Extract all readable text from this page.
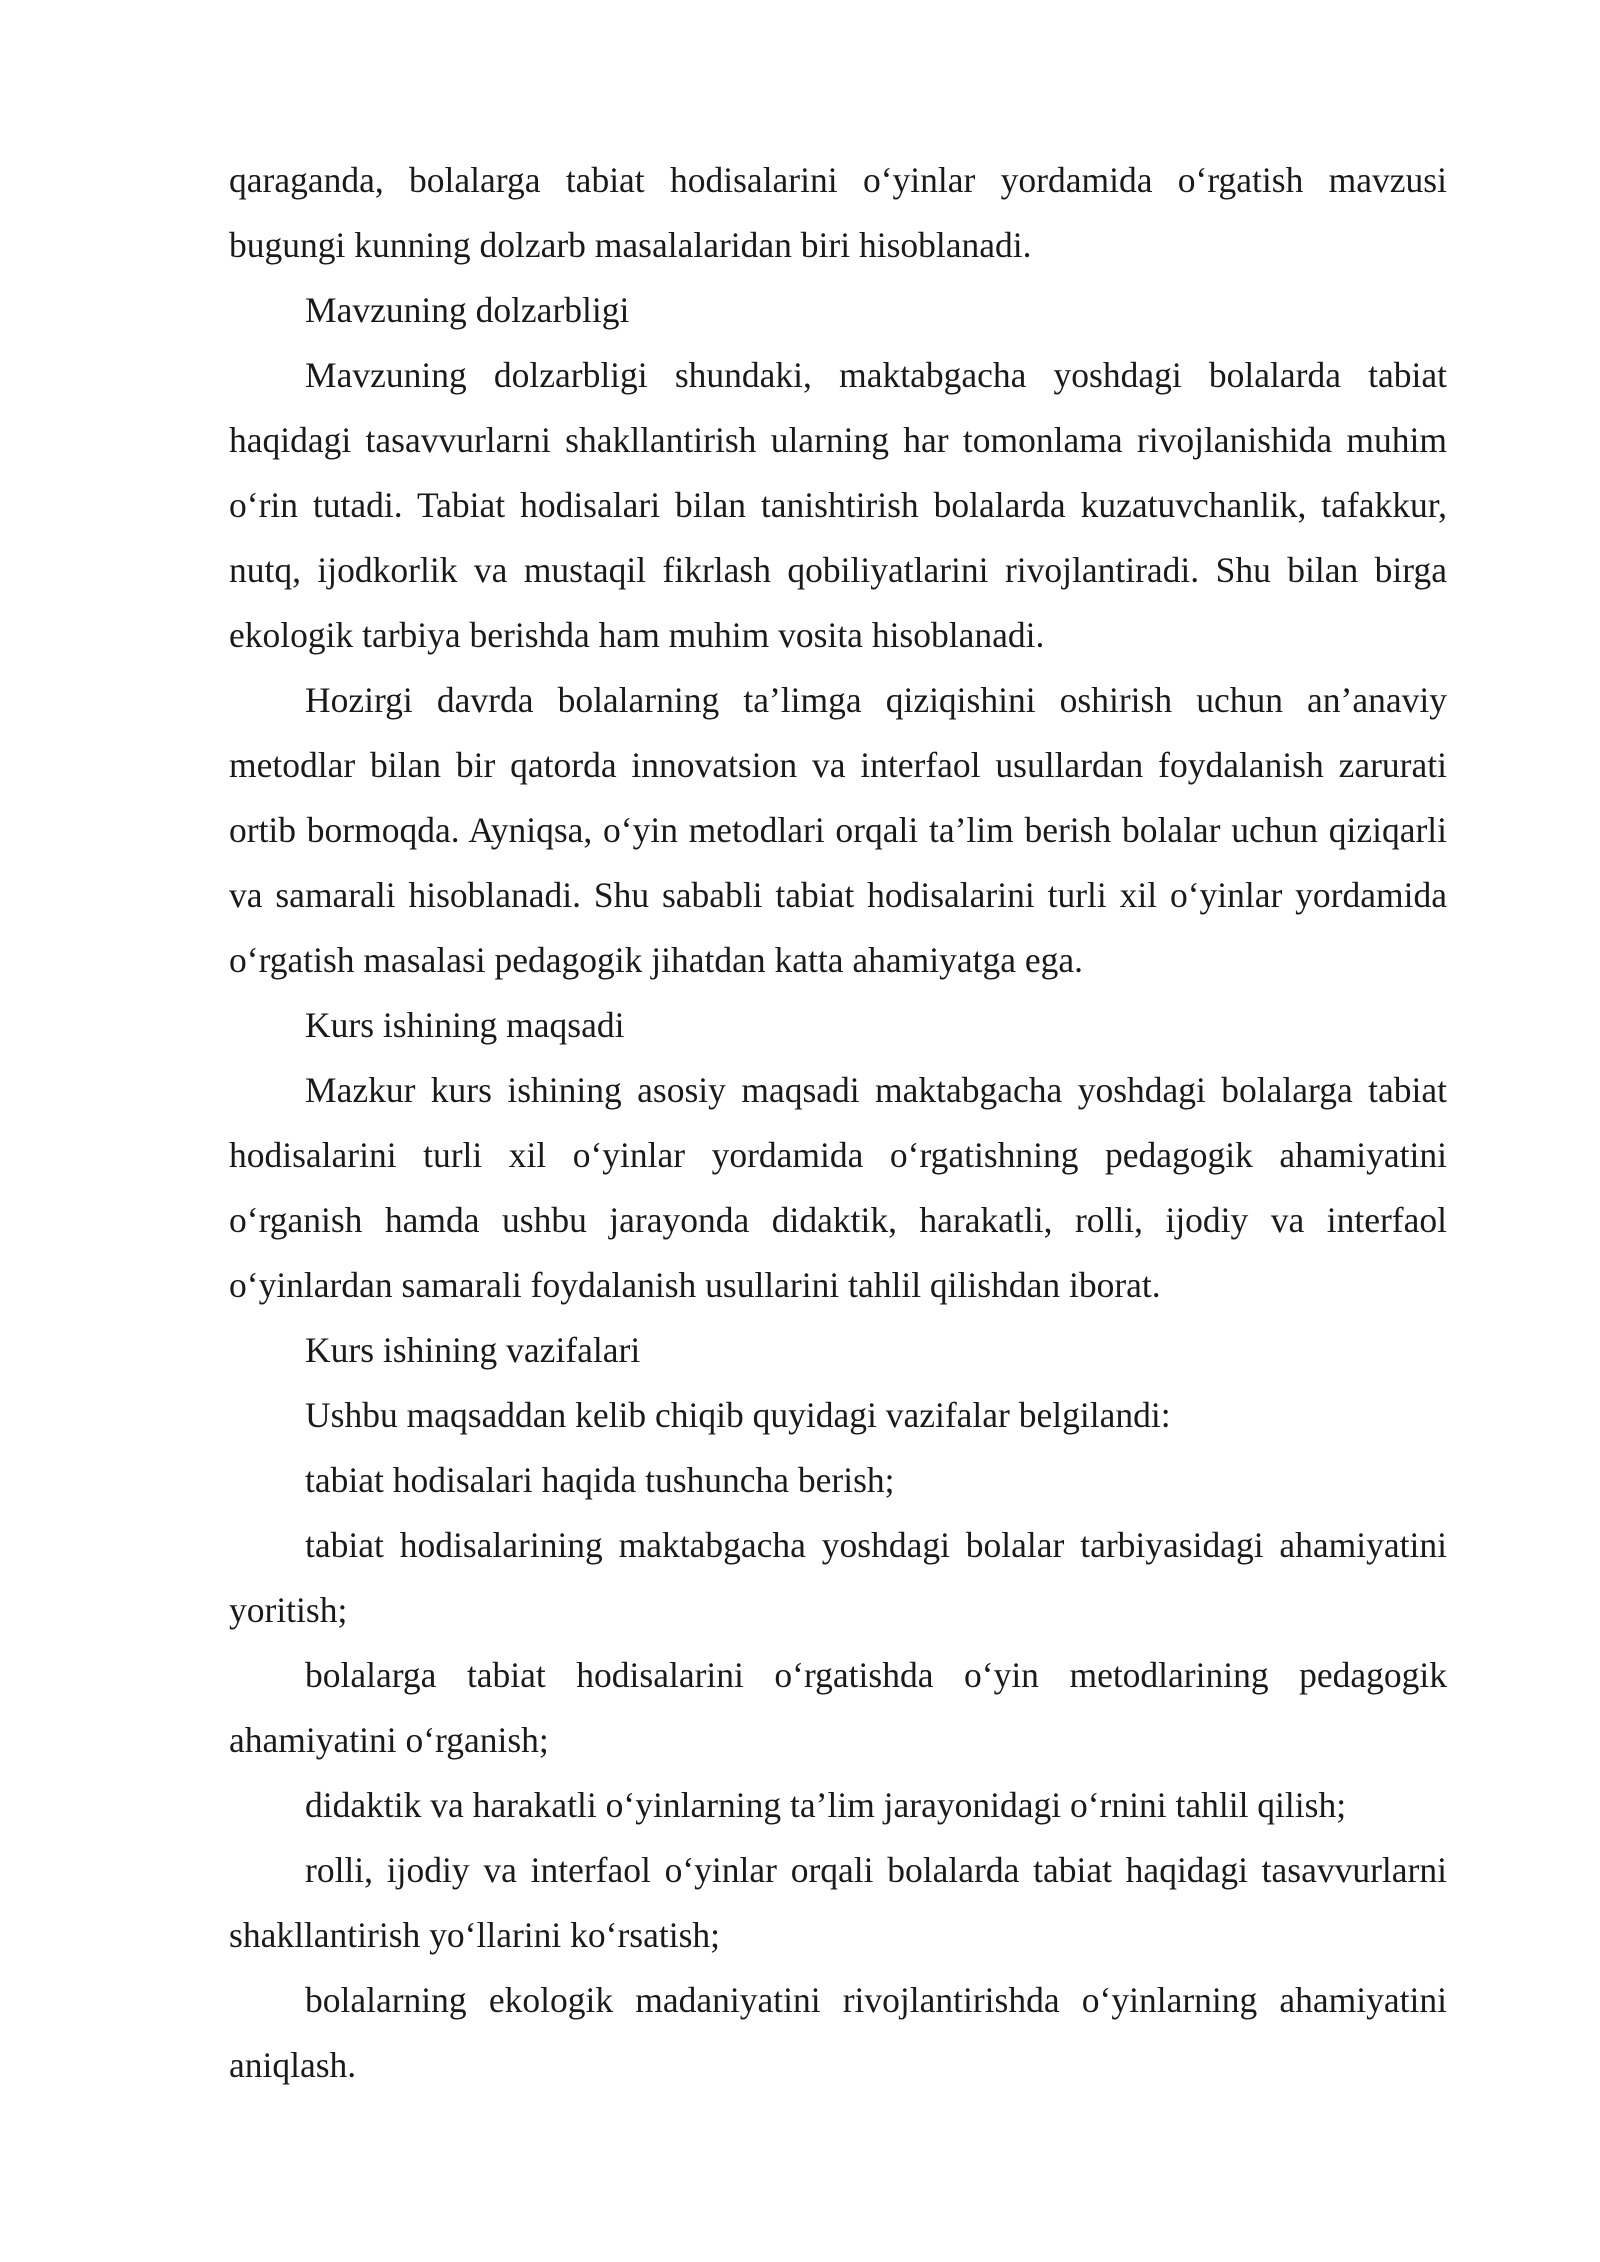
qaraganda, bolalarga tabiat hodisalarini o‘yinlar yordamida o‘rgatish mavzusi bugungi kunning dolzarb masalalaridan biri hisoblanadi.

Mavzuning dolzarbligi

Mavzuning dolzarbligi shundaki, maktabgacha yoshdagi bolalarda tabiat haqidagi tasavvurlarni shakllantirish ularning har tomonlama rivojlanishida muhim o‘rin tutadi. Tabiat hodisalari bilan tanishtirish bolalarda kuzatuvchanlik, tafakkur, nutq, ijodkorlik va mustaqil fikrlash qobiliyatlarini rivojlantiradi. Shu bilan birga ekologik tarbiya berishda ham muhim vosita hisoblanadi.

Hozirgi davrda bolalarning ta’limga qiziqishini oshirish uchun an’anaviy metodlar bilan bir qatorda innovatsion va interfaol usullardan foydalanish zarurati ortib bormoqda. Ayniqsa, o‘yin metodlari orqali ta’lim berish bolalar uchun qiziqarli va samarali hisoblanadi. Shu sababli tabiat hodisalarini turli xil o‘yinlar yordamida o‘rgatish masalasi pedagogik jihatdan katta ahamiyatga ega.

Kurs ishining maqsadi

Mazkur kurs ishining asosiy maqsadi maktabgacha yoshdagi bolalarga tabiat hodisalarini turli xil o‘yinlar yordamida o‘rgatishning pedagogik ahamiyatini o‘rganish hamda ushbu jarayonda didaktik, harakatli, rolli, ijodiy va interfaol o‘yinlardan samarali foydalanish usullarini tahlil qilishdan iborat.

Kurs ishining vazifalari

Ushbu maqsaddan kelib chiqib quyidagi vazifalar belgilandi:

tabiat hodisalari haqida tushuncha berish;

tabiat hodisalarining maktabgacha yoshdagi bolalar tarbiyasidagi ahamiyatini yoritish;

bolalarga tabiat hodisalarini o‘rgatishda o‘yin metodlarining pedagogik ahamiyatini o‘rganish;

didaktik va harakatli o‘yinlarning ta’lim jarayonidagi o‘rnini tahlil qilish;

rolli, ijodiy va interfaol o‘yinlar orqali bolalarda tabiat haqidagi tasavvurlarni shakllantirish yo‘llarini ko‘rsatish;

bolalarning ekologik madaniyatini rivojlantirishda o‘yinlarning ahamiyatini aniqlash.
